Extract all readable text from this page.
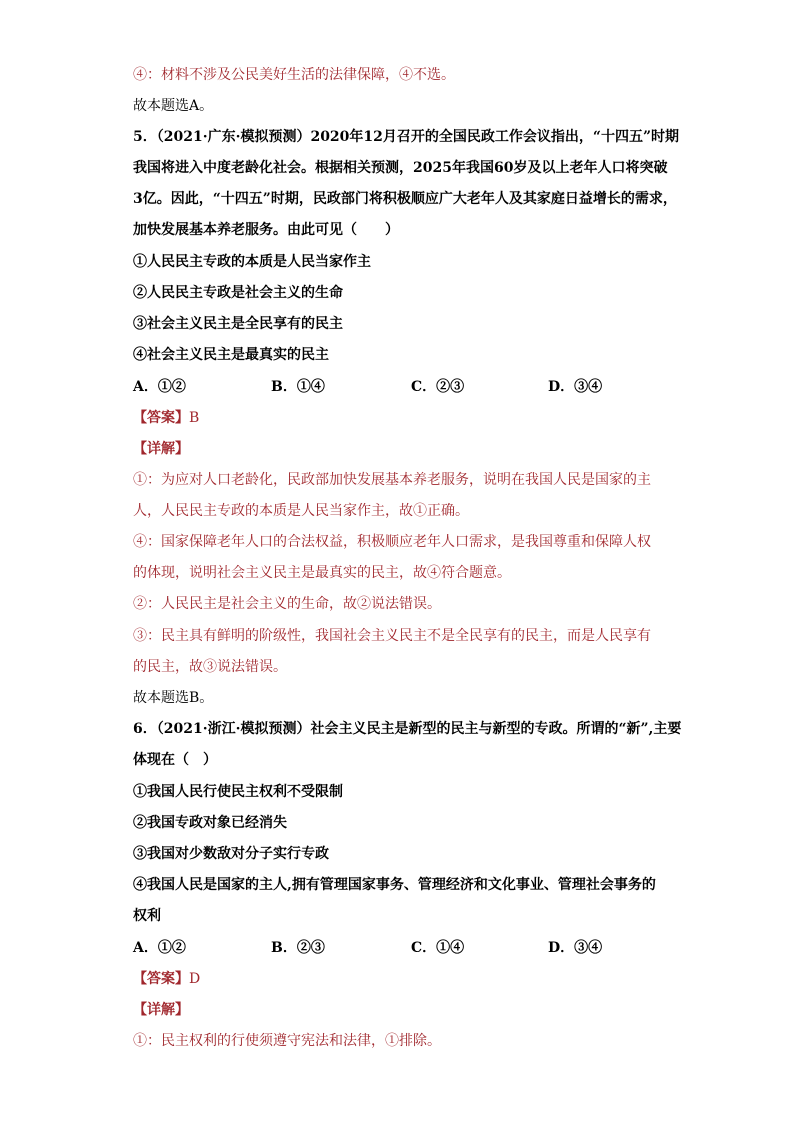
④：材料不涉及公民美好生活的法律保障，④不选。
故本题选A。
5．（2021·广东·模拟预测）2020年12月召开的全国民政工作会议指出，“十四五”时期
我国将进入中度老龄化社会。根据相关预测，2025年我国60岁及以上老年人口将突破
3亿。因此，“十四五”时期，民政部门将积极顺应广大老年人及其家庭日益增长的需求，
加快发展基本养老服务。由此可见（　　）
①人民民主专政的本质是人民当家作主
②人民民主专政是社会主义的生命
③社会主义民主是全民享有的民主
④社会主义民主是最真实的民主
A．①②	B．①④	C．②③	D．③④
【答案】B
【详解】
①：为应对人口老龄化，民政部加快发展基本养老服务，说明在我国人民是国家的主
人，人民民主专政的本质是人民当家作主，故①正确。
④：国家保障老年人口的合法权益，积极顺应老年人口需求，是我国尊重和保障人权
的体现，说明社会主义民主是最真实的民主，故④符合题意。
②：人民民主是社会主义的生命，故②说法错误。
③：民主具有鲜明的阶级性，我国社会主义民主不是全民享有的民主，而是人民享有
的民主，故③说法错误。
故本题选B。
6．（2021·浙江·模拟预测）社会主义民主是新型的民主与新型的专政。所谓的“新”,主要
体现在（　）
①我国人民行使民主权利不受限制
②我国专政对象已经消失
③我国对少数敌对分子实行专政
④我国人民是国家的主人,拥有管理国家事务、管理经济和文化事业、管理社会事务的
权利
A．①②	B．②③	C．①④	D．③④
【答案】D
【详解】
①：民主权利的行使须遵守宪法和法律，①排除。
